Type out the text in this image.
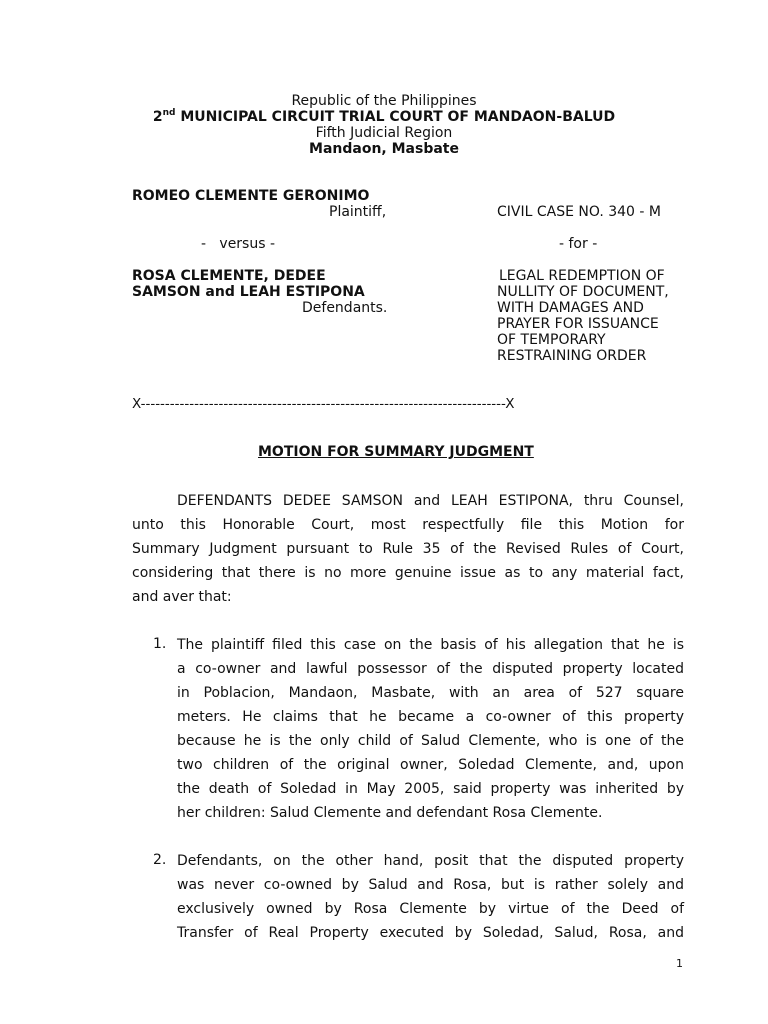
Republic of the Philippines
2nd MUNICIPAL CIRCUIT TRIAL COURT OF MANDAON-BALUD
Fifth Judicial Region
Mandaon, Masbate
ROMEO CLEMENTE GERONIMO
Plaintiff,	CIVIL CASE NO. 340 - M
-   versus -	- for -
ROSA CLEMENTE, DEDEE
SAMSON and LEAH ESTIPONA
Defendants.
LEGAL REDEMPTION OF
NULLITY OF DOCUMENT,
WITH DAMAGES AND
PRAYER FOR ISSUANCE
OF TEMPORARY
RESTRAINING ORDER
X---------------------------------------------------------------------------X
MOTION FOR SUMMARY JUDGMENT
DEFENDANTS DEDEE SAMSON and LEAH ESTIPONA, thru Counsel,
unto this Honorable Court, most respectfully file this Motion for
Summary Judgment pursuant to Rule 35 of the Revised Rules of Court,
considering that there is no more genuine issue as to any material fact,
and aver that:
1. The plaintiff filed this case on the basis of his allegation that he is
a co-owner and lawful possessor of the disputed property located
in Poblacion, Mandaon, Masbate, with an area of 527 square
meters. He claims that he became a co-owner of this property
because he is the only child of Salud Clemente, who is one of the
two children of the original owner, Soledad Clemente, and, upon
the death of Soledad in May 2005, said property was inherited by
her children: Salud Clemente and defendant Rosa Clemente.
2. Defendants, on the other hand, posit that the disputed property
was never co-owned by Salud and Rosa, but is rather solely and
exclusively owned by Rosa Clemente by virtue of the Deed of
Transfer of Real Property executed by Soledad, Salud, Rosa, and
1
